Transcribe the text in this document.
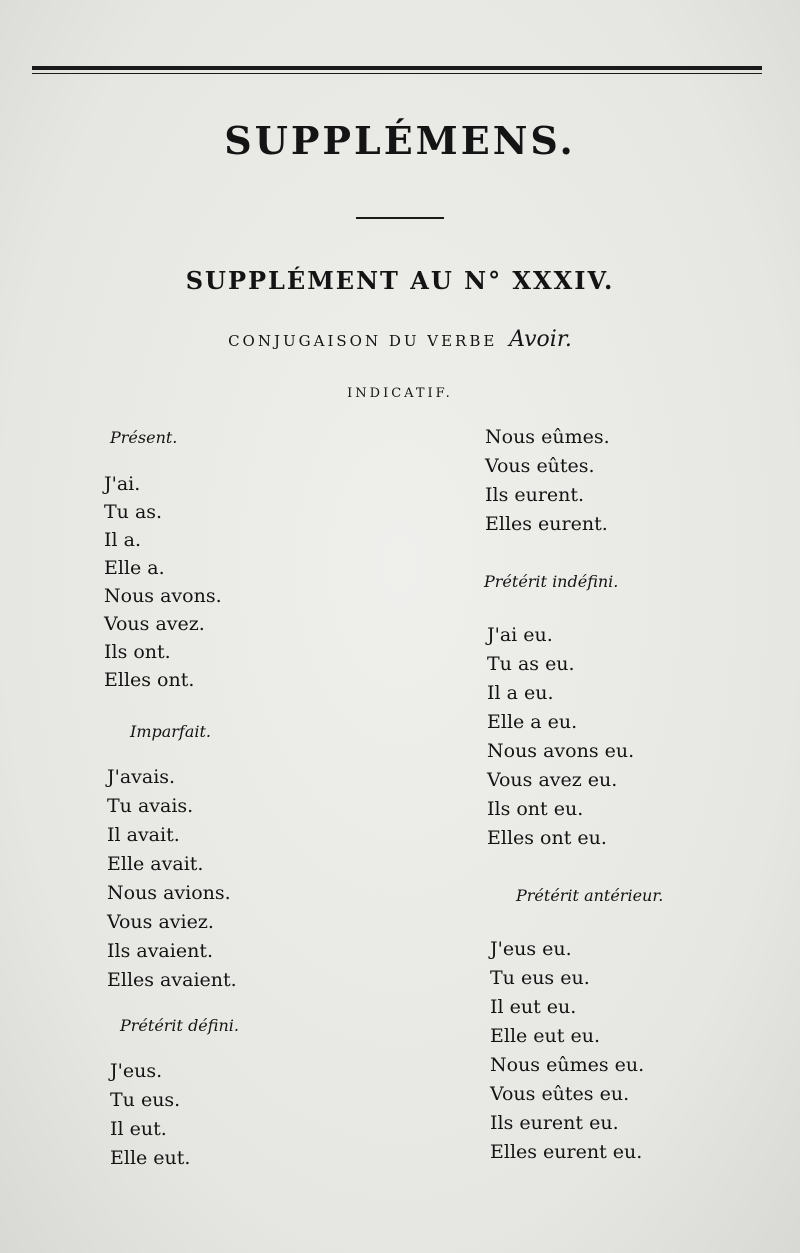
SUPPLÉMENS.
SUPPLÉMENT AU N° XXXIV.
CONJUGAISON DU VERBE Avoir.
INDICATIF.
Présent.
J'ai.
Tu as.
Il a.
Elle a.
Nous avons.
Vous avez.
Ils ont.
Elles ont.
Imparfait.
J'avais.
Tu avais.
Il avait.
Elle avait.
Nous avions.
Vous aviez.
Ils avaient.
Elles avaient.
Prétérit défini.
J'eus.
Tu eus.
Il eut.
Elle eut.
Nous eûmes.
Vous eûtes.
Ils eurent.
Elles eurent.
Prétérit indéfini.
J'ai eu.
Tu as eu.
Il a eu.
Elle a eu.
Nous avons eu.
Vous avez eu.
Ils ont eu.
Elles ont eu.
Prétérit antérieur.
J'eus eu.
Tu eus eu.
Il eut eu.
Elle eut eu.
Nous eûmes eu.
Vous eûtes eu.
Ils eurent eu.
Elles eurent eu.
